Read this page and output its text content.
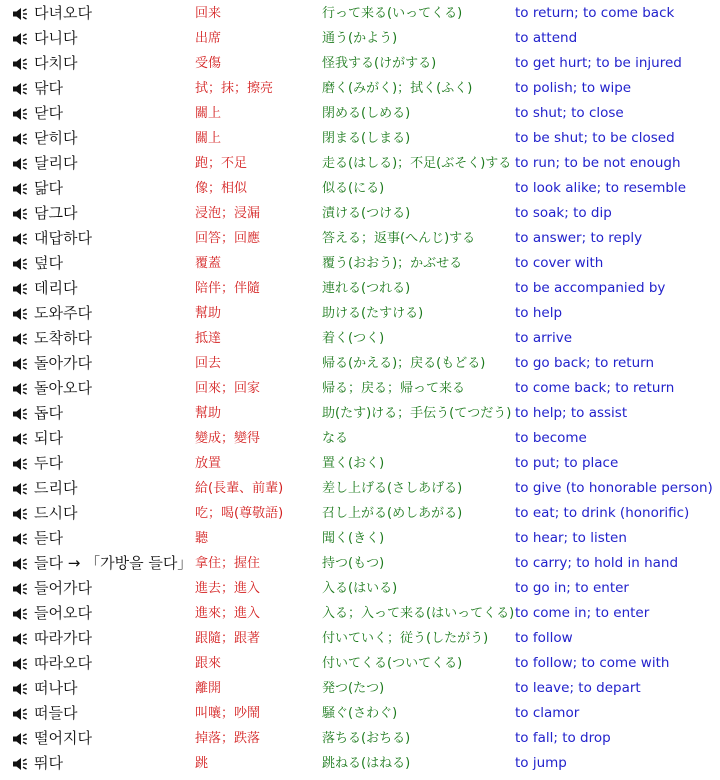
다녀오다	回来	行って来る(いってくる)	to return; to come back
다니다	出席	通う(かよう)	to attend
다치다	受傷	怪我する(けがする)	to get hurt; to be injured
닦다	拭；抹；擦亮	磨く(みがく)；拭く(ふく)	to polish; to wipe
닫다	關上	閉める(しめる)	to shut; to close
닫히다	關上	閉まる(しまる)	to be shut; to be closed
달리다	跑；不足	走る(はしる)；不足(ぶそく)する to run; to be not enough
닮다	像；相似	似る(にる)	to look alike; to resemble
담그다	浸泡；浸漏	漬ける(つける)	to soak; to dip
대답하다	回答；回應	答える；返事(へんじ)する	to answer; to reply
덮다	覆蓋	覆う(おおう)；かぶせる	to cover with
데리다	陪伴；伴隨	連れる(つれる)	to be accompanied by
도와주다	幫助	助ける(たすける)	to help
도착하다	抵達	着く(つく)	to arrive
돌아가다	回去	帰る(かえる)；戻る(もどる) to go back; to return
돌아오다	回來；回家	帰る；戻る；帰って来る	to come back; to return
돕다	幫助	助(たす)ける；手伝う(てつだう) to help; to assist
되다	變成；變得	なる	to become
두다	放置	置く(おく)	to put; to place
드리다	給(長輩、前輩)	差し上げる(さしあげる)	to give (to honorable person)
드시다	吃；喝(尊敬語)	召し上がる(めしあがる)	to eat; to drink (honorific)
듣다	聽	聞く(きく)	to hear; to listen
들다 → 「가방을 들다」 拿住；握住	持つ(もつ)	to carry; to hold in hand
들어가다	進去；進入	入る(はいる)	to go in; to enter
들어오다	進來；進入	入る；入って来る(はいってくる) to come in; to enter
따라가다	跟隨；跟著	付いていく；従う(したがう) to follow
따라오다	跟來	付いてくる(ついてくる)	to follow; to come with
떠나다	離開	発つ(たつ)	to leave; to depart
떠들다	叫嚷；吵鬧	騒ぐ(さわぐ)	to clamor
떨어지다	掉落；跌落	落ちる(おちる)	to fall; to drop
뛰다	跳	跳ねる(はねる)	to jump
